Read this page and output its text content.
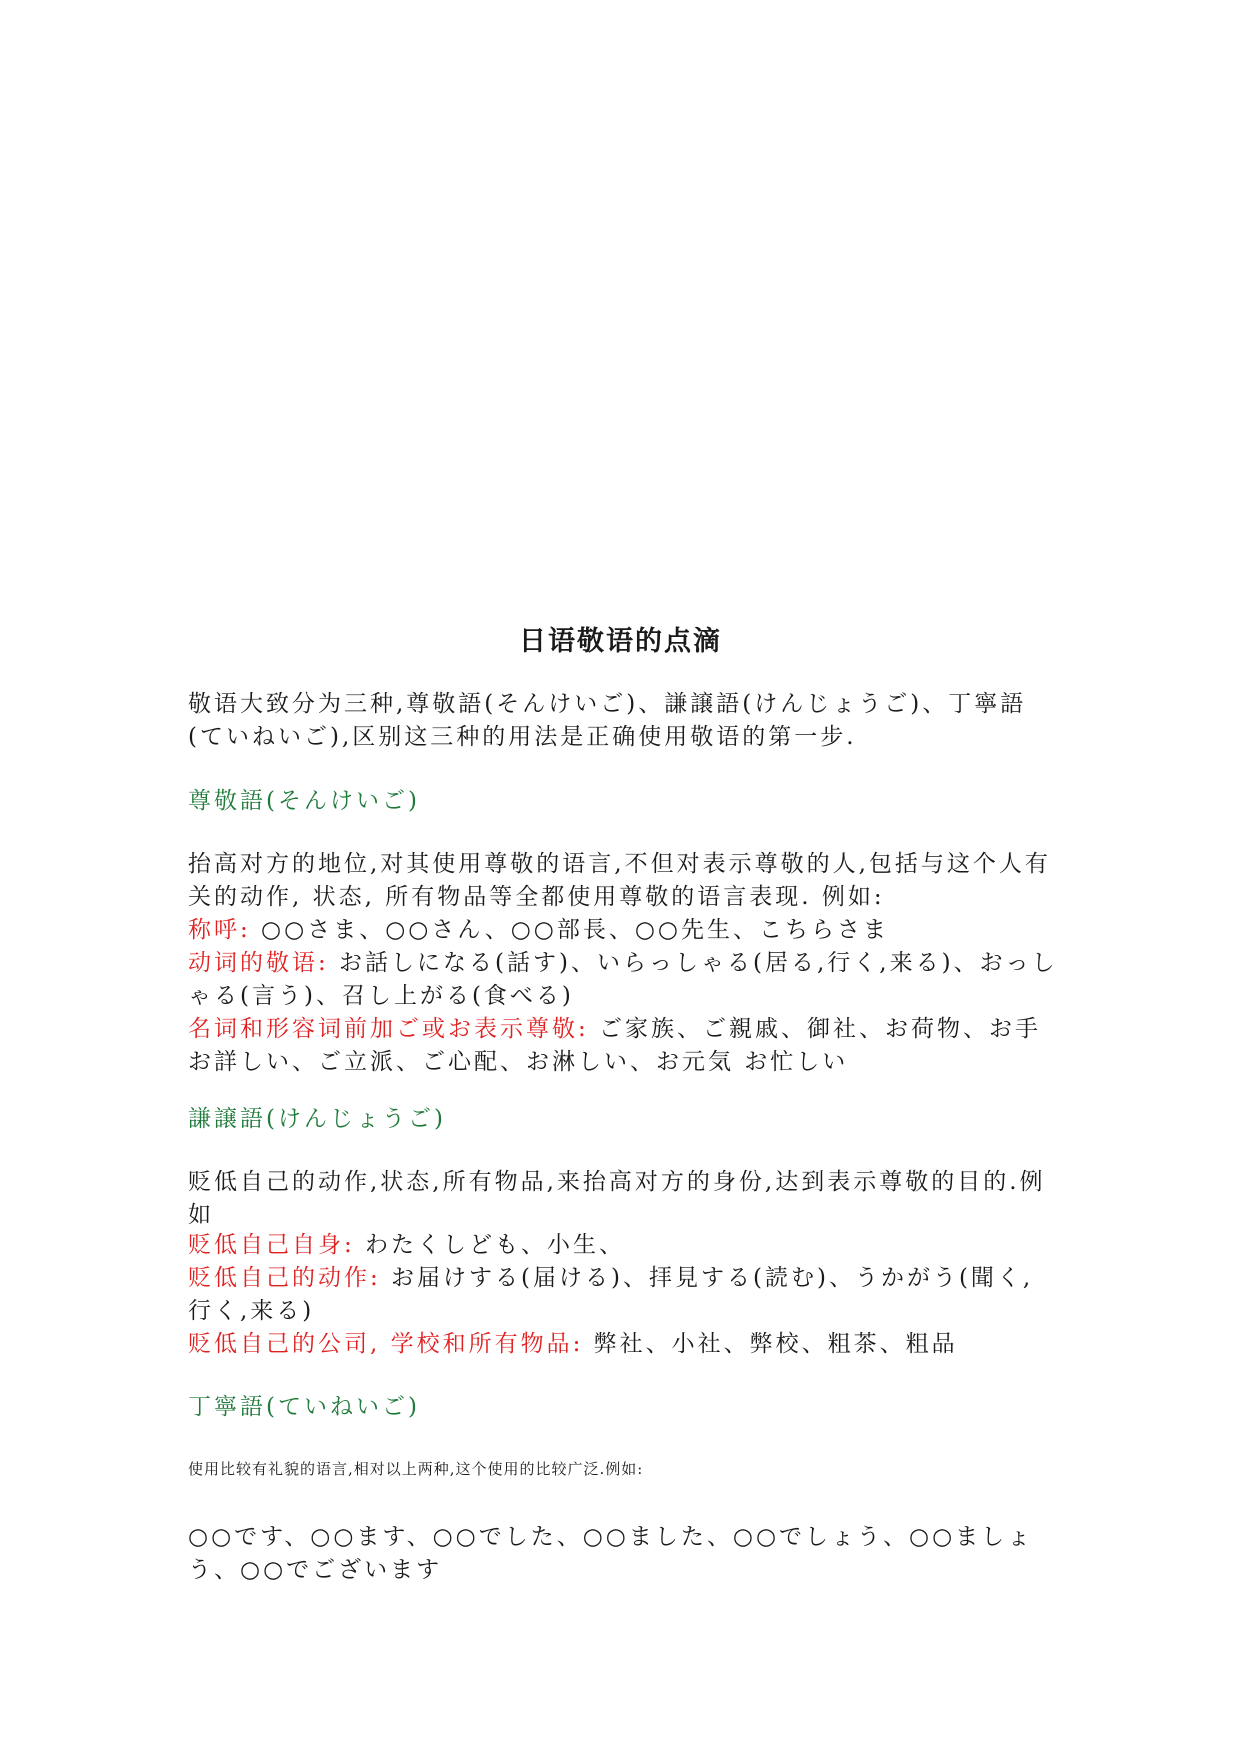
日语敬语的点滴

敬语大致分为三种,尊敬語(そんけいご)、謙譲語(けんじょうご)、丁寧語(ていねいご),区别这三种的用法是正确使用敬语的第一步.

尊敬語(そんけいご)

抬高对方的地位,对其使用尊敬的语言,不但对表示尊敬的人,包括与这个人有关的动作, 状态, 所有物品等全都使用尊敬的语言表现. 例如:

称呼: ○○さま、○○さん、○○部長、○○先生、こちらさま

动词的敬语: お話しになる(話す)、いらっしゃる(居る,行く,来る)、おっしゃる(言う)、召し上がる(食べる)

名词和形容词前加ご或お表示尊敬: ご家族、ご親戚、御社、お荷物、お手 お詳しい、ご立派、ご心配、お淋しい、お元気 お忙しい

謙譲語(けんじょうご)

贬低自己的动作,状态,所有物品,来抬高对方的身份,达到表示尊敬的目的.例如

贬低自己自身: わたくしども、小生、

贬低自己的动作: お届けする(届ける)、拝見する(読む)、うかがう(聞く,行く,来る)

贬低自己的公司, 学校和所有物品: 弊社、小社、弊校、粗茶、粗品

丁寧語(ていねいご)

使用比较有礼貌的语言,相对以上两种,这个使用的比较广泛.例如:

○○です、○○ます、○○でした、○○ました、○○でしょう、○○ましょう、○○でございます
